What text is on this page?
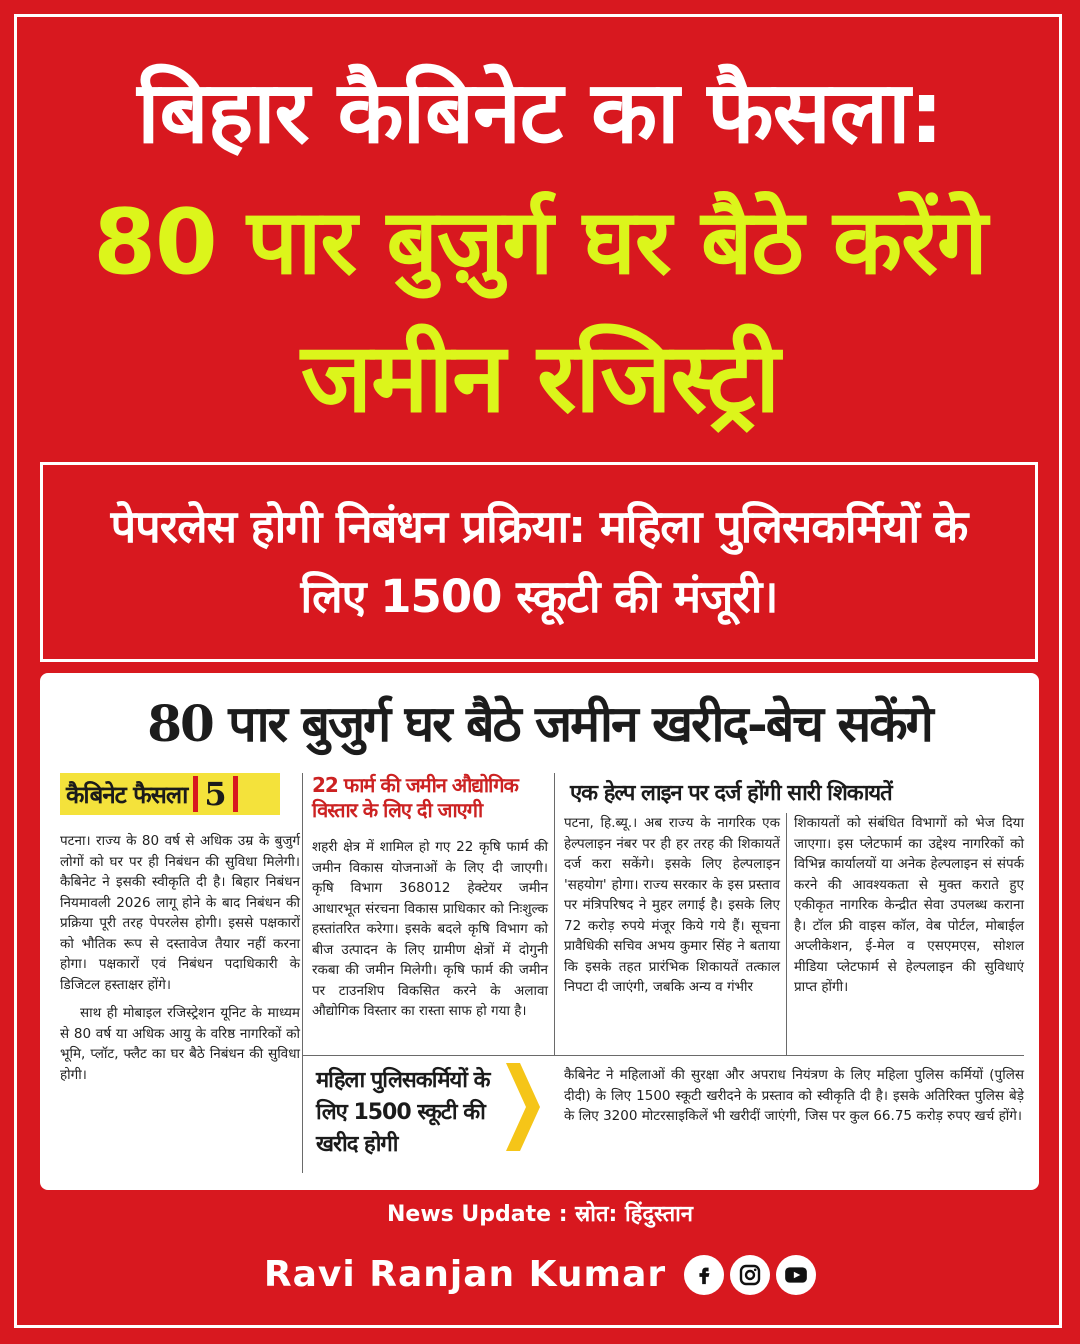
बिहार कैबिनेट का फैसला:
80 पार बुज़ुर्ग घर बैठे करेंगे
जमीन रजिस्ट्री
पेपरलेस होगी निबंधन प्रक्रिया: महिला पुलिसकर्मियों के
लिए 1500 स्कूटी की मंजूरी।
80 पार बुजुर्ग घर बैठे जमीन खरीद-बेच सकेंगे
कैबिनेट फैसला 5

पटना। राज्य के 80 वर्ष से अधिक उम्र के बुजुर्ग लोगों को घर पर ही निबंधन की सुविधा मिलेगी। कैबिनेट ने इसकी स्वीकृति दी है। बिहार निबंधन नियमावली 2026 लागू होने के बाद निबंधन की प्रक्रिया पूरी तरह पेपरलेस होगी। इससे पक्षकारों को भौतिक रूप से दस्तावेज तैयार नहीं करना होगा। पक्षकारों एवं निबंधन पदाधिकारी के डिजिटल हस्ताक्षर होंगे।

साथ ही मोबाइल रजिस्ट्रेशन यूनिट के माध्यम से 80 वर्ष या अधिक आयु के वरिष्ठ नागरिकों को भूमि, प्लॉट, फ्लैट का घर बैठे निबंधन की सुविधा होगी।

22 फार्म की जमीन औद्योगिक विस्तार के लिए दी जाएगी
शहरी क्षेत्र में शामिल हो गए 22 कृषि फार्म की जमीन विकास योजनाओं के लिए दी जाएगी। कृषि विभाग 368012 हेक्टेयर जमीन आधारभूत संरचना विकास प्राधिकार को निःशुल्क हस्तांतरित करेगा। इसके बदले कृषि विभाग को बीज उत्पादन के लिए ग्रामीण क्षेत्रों में दोगुनी रकबा की जमीन मिलेगी। कृषि फार्म की जमीन पर टाउनशिप विकसित करने के अलावा औद्योगिक विस्तार का रास्ता साफ हो गया है।
एक हेल्प लाइन पर दर्ज होंगी सारी शिकायतें
पटना, हि.ब्यू.। अब राज्य के नागरिक एक हेल्पलाइन नंबर पर ही हर तरह की शिकायतें दर्ज करा सकेंगे। इसके लिए हेल्पलाइन 'सहयोग' होगा। राज्य सरकार के इस प्रस्ताव पर मंत्रिपरिषद ने मुहर लगाई है। इसके लिए 72 करोड़ रुपये मंजूर किये गये हैं। सूचना प्रावैधिकी सचिव अभय कुमार सिंह ने बताया कि इसके तहत प्रारंभिक शिकायतें तत्काल निपटा दी जाएंगी, जबकि अन्य व गंभीर
शिकायतों को संबंधित विभागों को भेज दिया जाएगा। इस प्लेटफार्म का उद्देश्य नागरिकों को विभिन्न कार्यालयों या अनेक हेल्पलाइन सं संपर्क करने की आवश्यकता से मुक्त कराते हुए एकीकृत नागरिक केन्द्रीत सेवा उपलब्ध कराना है। टॉल फ्री वाइस कॉल, वेब पोर्टल, मोबाईल अप्लीकेशन, ई-मेल व एसएमएस, सोशल मीडिया प्लेटफार्म से हेल्पलाइन की सुविधाएं प्राप्त होंगी।
महिला पुलिसकर्मियों के लिए 1500 स्कूटी की खरीद होगी
कैबिनेट ने महिलाओं की सुरक्षा और अपराध नियंत्रण के लिए महिला पुलिस कर्मियों (पुलिस दीदी) के लिए 1500 स्कूटी खरीदने के प्रस्ताव को स्वीकृति दी है। इसके अतिरिक्त पुलिस बेड़े के लिए 3200 मोटरसाइकिलें भी खरीदीं जाएंगी, जिस पर कुल 66.75 करोड़ रुपए खर्च होंगे।
News Update : स्रोत: हिंदुस्तान
Ravi Ranjan Kumar
